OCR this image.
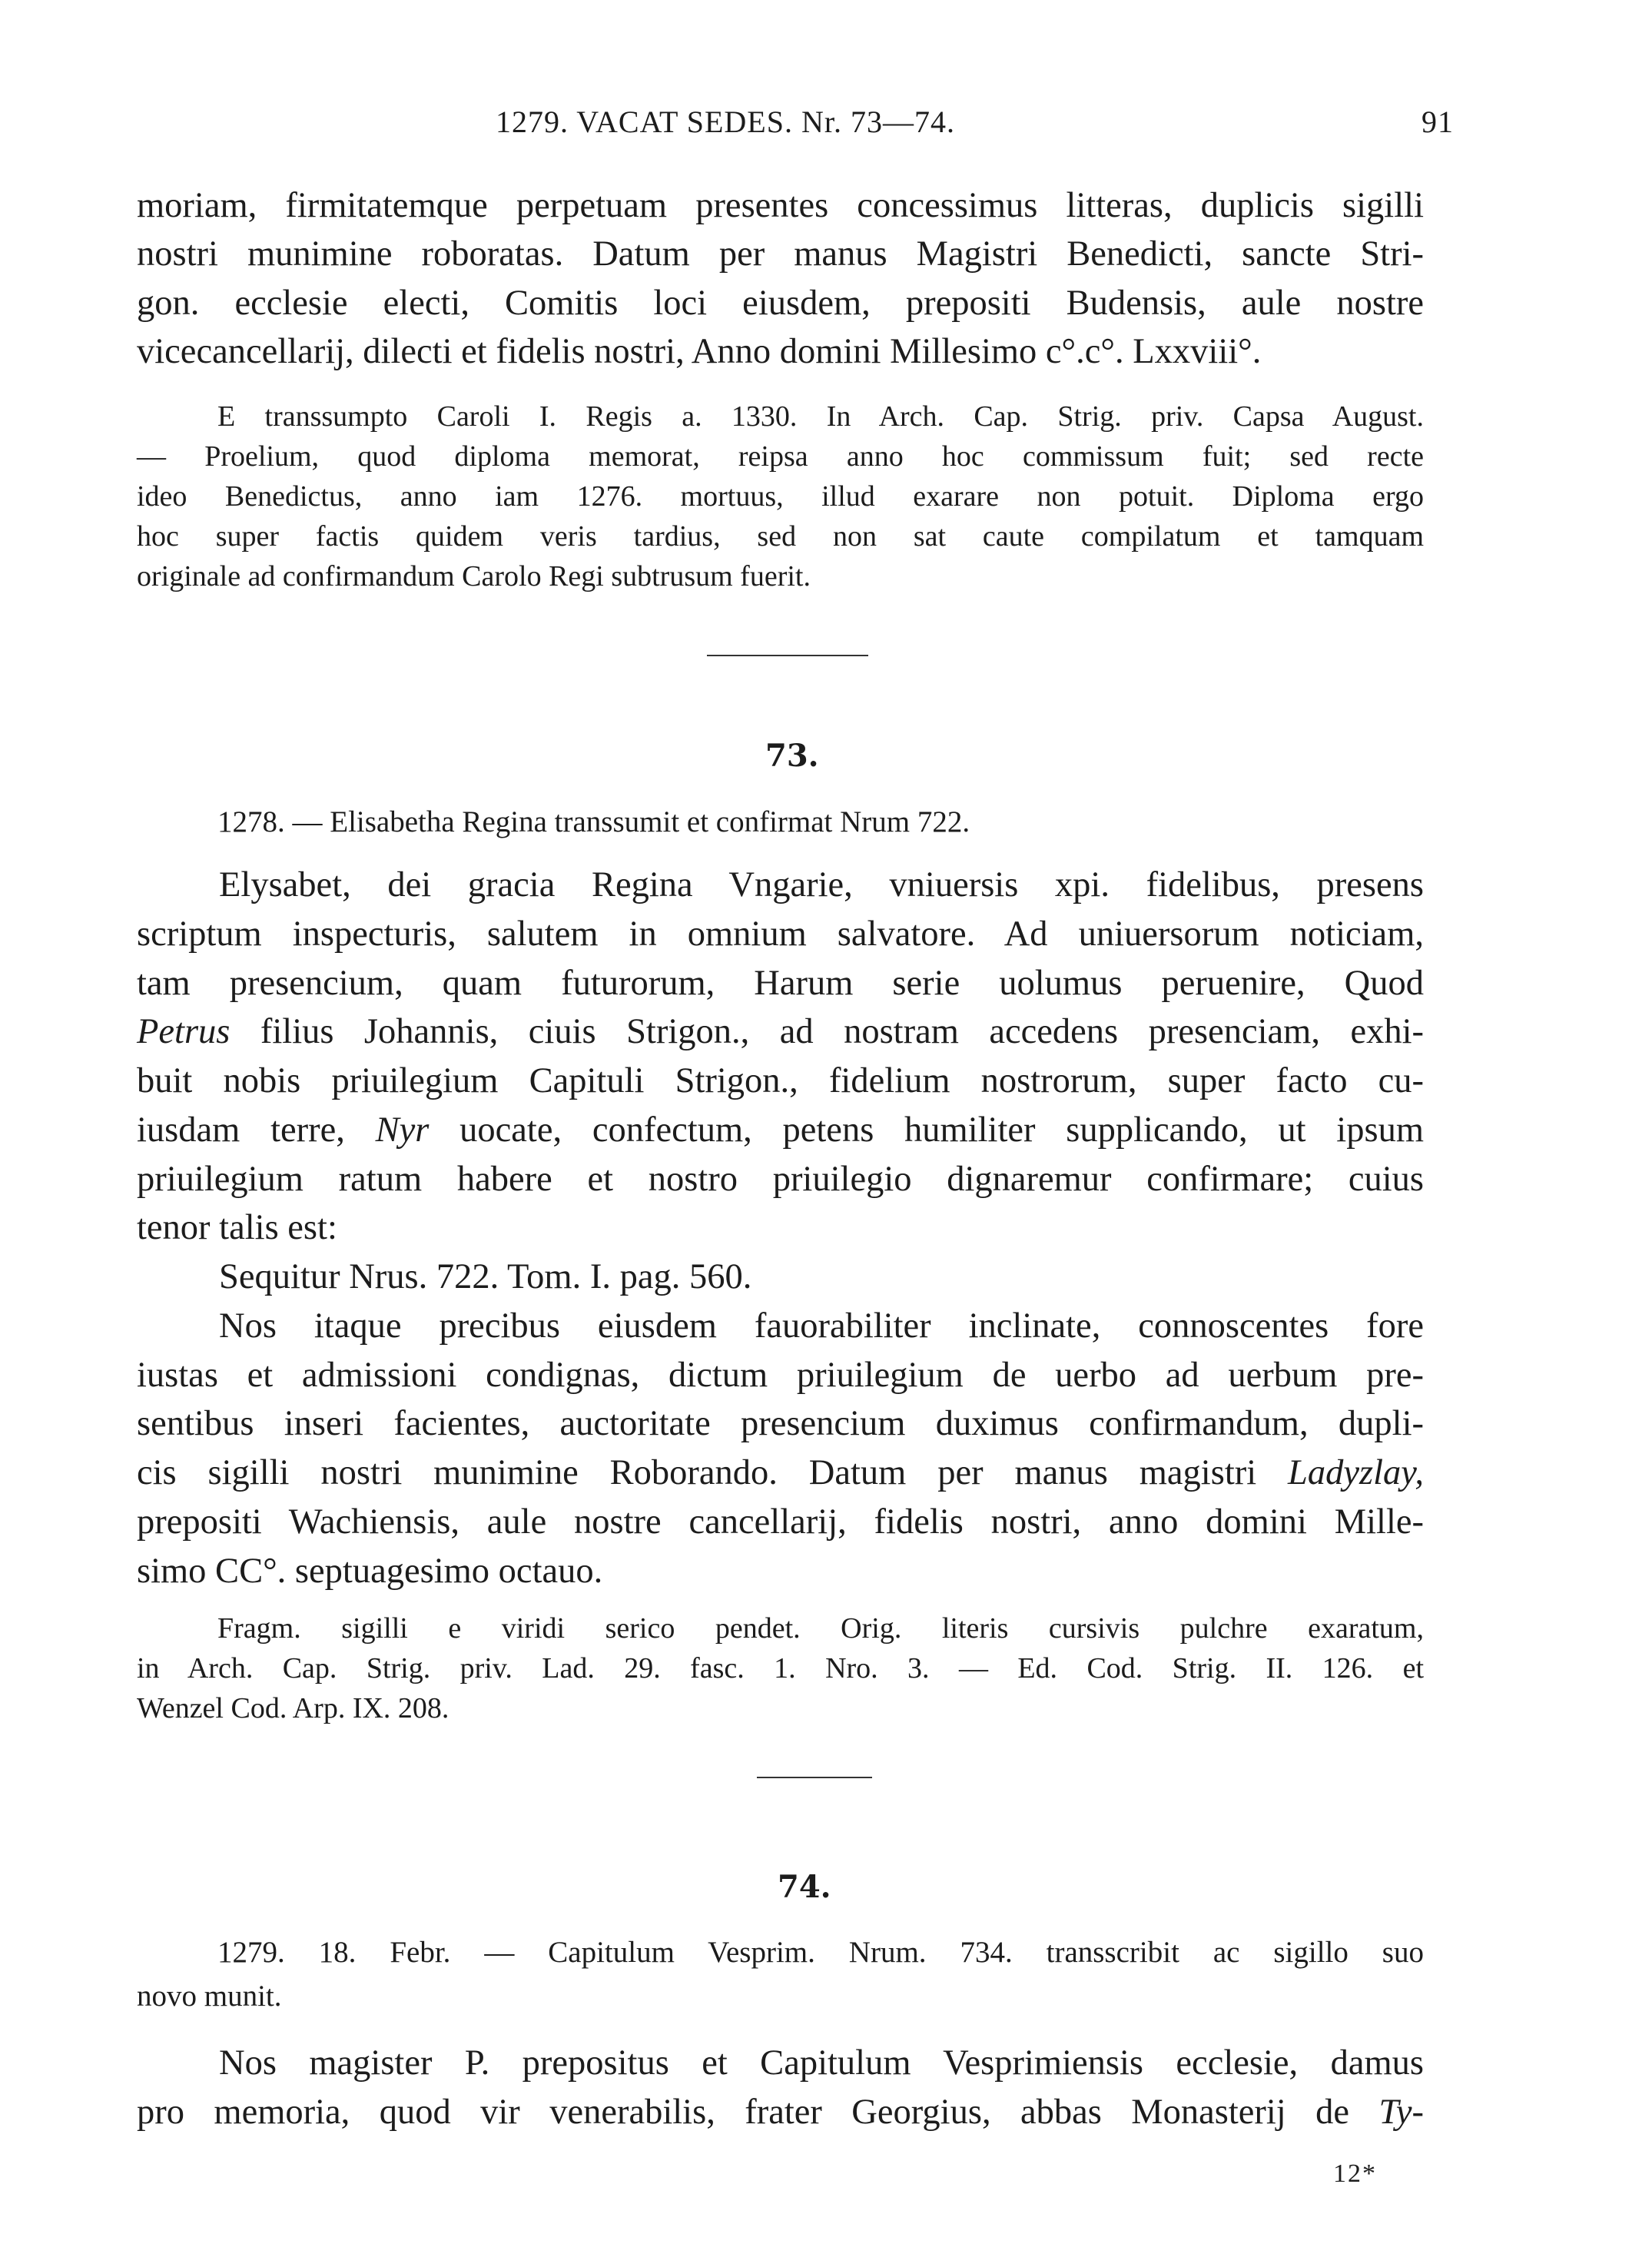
1279. VACAT SEDES. Nr. 73—74.	91
moriam, firmitatemque perpetuam presentes concessimus litteras, duplicis sigilli
nostri munimine roboratas. Datum per manus Magistri Benedicti, sancte Stri-
gon. ecclesie electi, Comitis loci eiusdem, prepositi Budensis, aule nostre
vicecancellarij, dilecti et fidelis nostri, Anno domini Millesimo c°.c°. Lxxviii°.
E transsumpto Caroli I. Regis a. 1330. In Arch. Cap. Strig. priv. Capsa August.
— Proelium, quod diploma memorat, reipsa anno hoc commissum fuit; sed recte
ideo Benedictus, anno iam 1276. mortuus, illud exarare non potuit. Diploma ergo
hoc super factis quidem veris tardius, sed non sat caute compilatum et tamquam
originale ad confirmandum Carolo Regi subtrusum fuerit.
73.
1278. — Elisabetha Regina transsumit et confirmat Nrum 722.
Elysabet, dei gracia Regina Vngarie, vniuersis xpi. fidelibus, presens
scriptum inspecturis, salutem in omnium salvatore. Ad uniuersorum noticiam,
tam presencium, quam futurorum, Harum serie uolumus peruenire, Quod
Petrus filius Johannis, ciuis Strigon., ad nostram accedens presenciam, exhi-
buit nobis priuilegium Capituli Strigon., fidelium nostrorum, super facto cu-
iusdam terre, Nyr uocate, confectum, petens humiliter supplicando, ut ipsum
priuilegium ratum habere et nostro priuilegio dignaremur confirmare; cuius
tenor talis est:
Sequitur Nrus. 722. Tom. I. pag. 560.
Nos itaque precibus eiusdem fauorabiliter inclinate, connoscentes fore
iustas et admissioni condignas, dictum priuilegium de uerbo ad uerbum pre-
sentibus inseri facientes, auctoritate presencium duximus confirmandum, dupli-
cis sigilli nostri munimine Roborando. Datum per manus magistri Ladyzlay,
prepositi Wachiensis, aule nostre cancellarij, fidelis nostri, anno domini Mille-
simo CC°. septuagesimo octauo.
Fragm. sigilli e viridi serico pendet. Orig. literis cursivis pulchre exaratum,
in Arch. Cap. Strig. priv. Lad. 29. fasc. 1. Nro. 3. — Ed. Cod. Strig. II. 126. et
Wenzel Cod. Arp. IX. 208.
74.
1279. 18. Febr. — Capitulum Vesprim. Nrum. 734. transscribit ac sigillo suo
novo munit.
Nos magister P. prepositus et Capitulum Vesprimiensis ecclesie, damus
pro memoria, quod vir venerabilis, frater Georgius, abbas Monasterij de Ty-
12*
